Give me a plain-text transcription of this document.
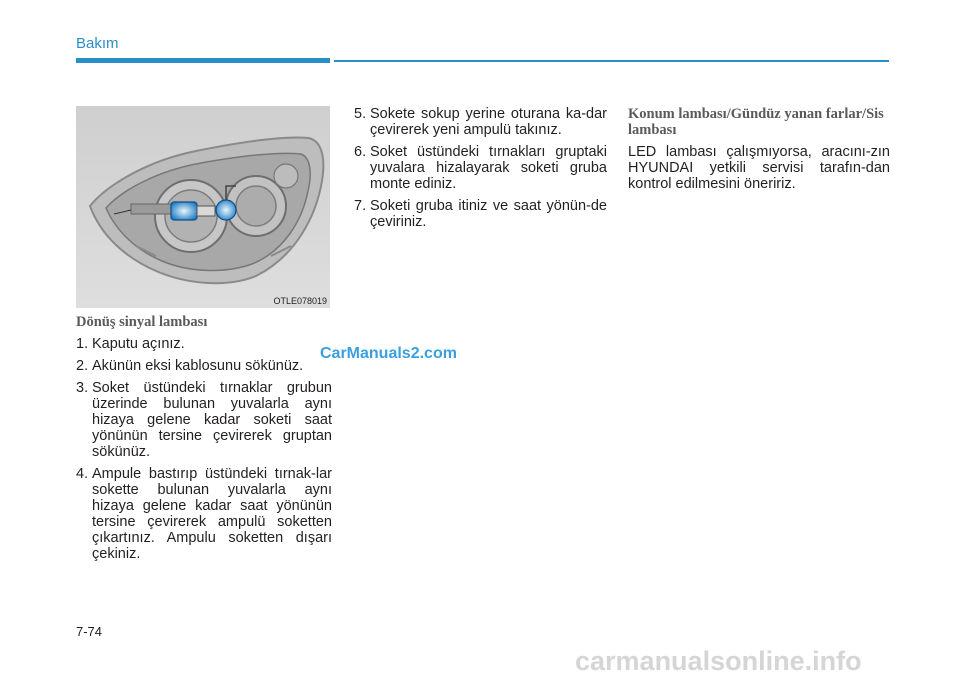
Bakım
OTLE078019
Dönüş sinyal lambası
1. Kaputu açınız.
2. Akünün eksi kablosunu sökünüz.
3. Soket üstündeki tırnaklar grubun üzerinde bulunan yuvalarla aynı hizaya gelene kadar soketi saat yönünün tersine çevirerek gruptan sökünüz.
4. Ampule bastırıp üstündeki tırnak-lar sokette bulunan yuvalarla aynı hizaya gelene kadar saat yönünün tersine çevirerek ampulü soketten çıkartınız. Ampulu soketten dışarı çekiniz.
5. Sokete sokup yerine oturana ka-dar çevirerek yeni ampulü takınız.
6. Soket üstündeki tırnakları gruptaki yuvalara hizalayarak soketi gruba monte ediniz.
7. Soketi gruba itiniz ve saat yönün-de çeviriniz.
Konum lambası/Gündüz yanan farlar/Sis lambası

LED lambası çalışmıyorsa, aracını-zın HYUNDAI yetkili servisi tarafın-dan kontrol edilmesini öneririz.

CarManuals2.com
7-74
carmanualsonline.info
